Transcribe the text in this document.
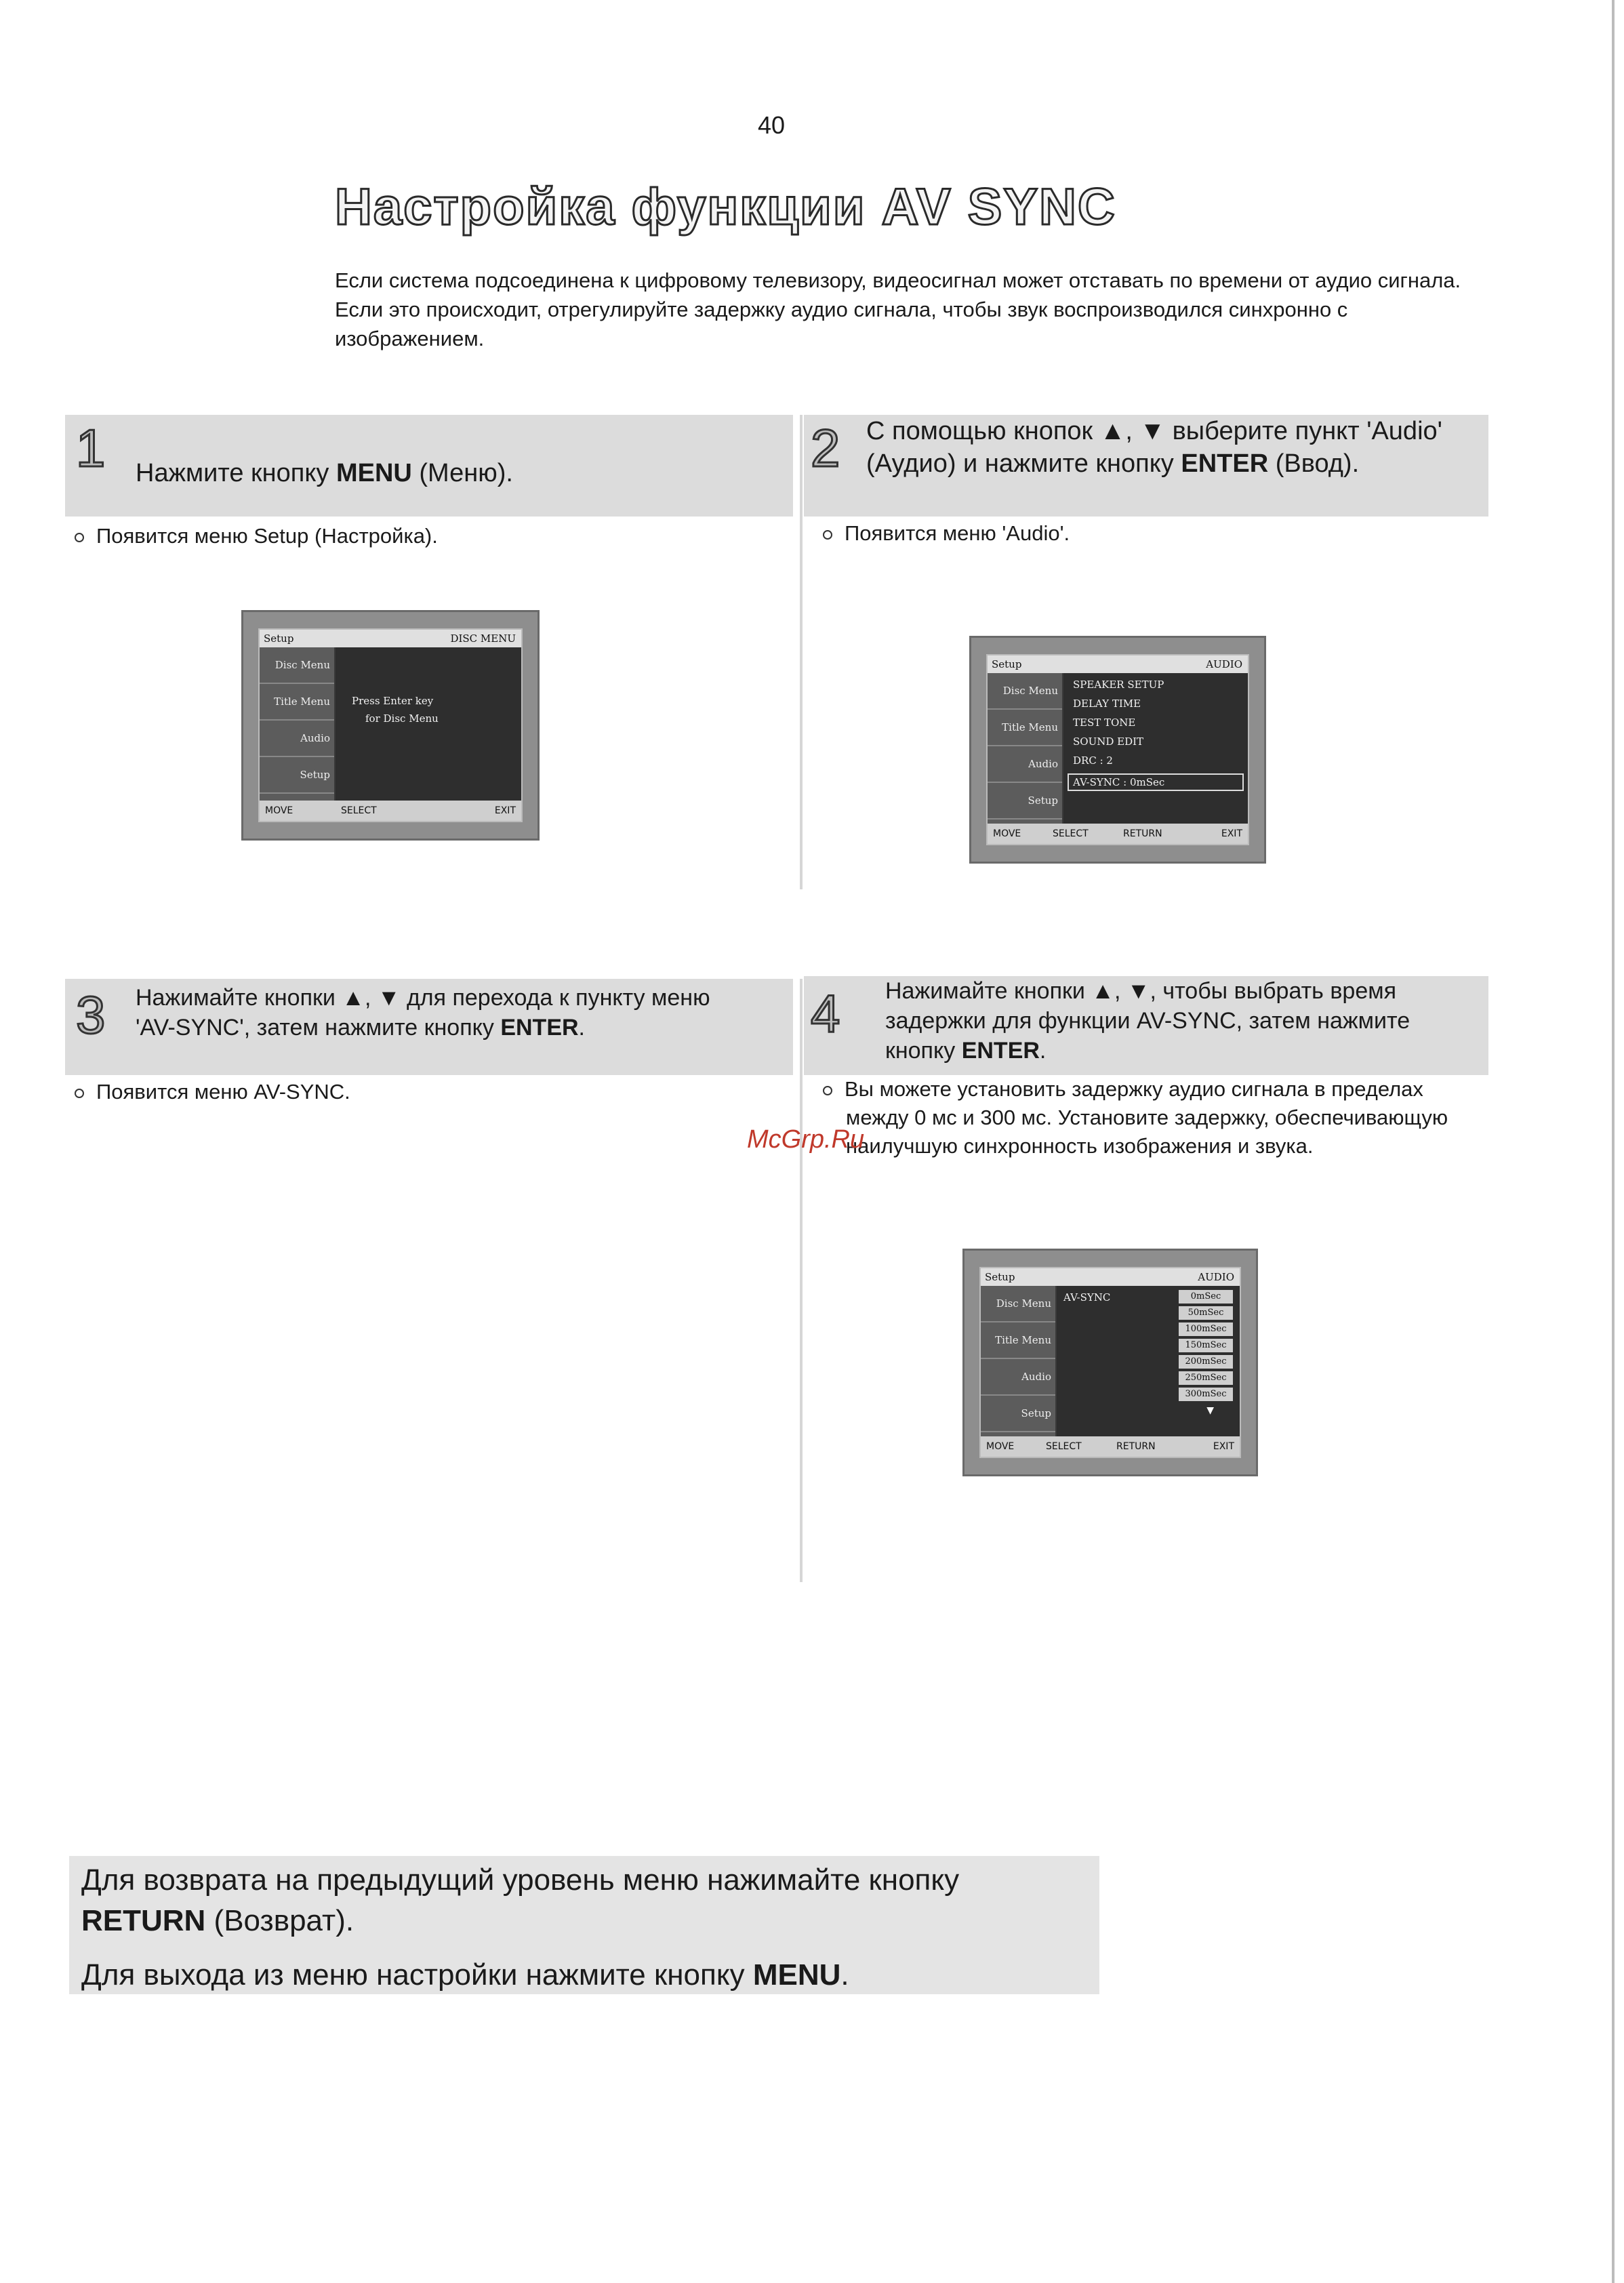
40
Настройка функции AV SYNC
Если система подсоединена к цифровому телевизору, видеосигнал может отставать по времени от аудио сигнала. Если это происходит, отрегулируйте задержку аудио сигнала, чтобы звук воспроизводился синхронно с изображением.
1 Нажмите кнопку MENU (Меню).
Появится меню Setup (Настройка).
Setup	DISC MENU
Disc Menu
Title Menu
Audio
Setup
Press Enter key
for Disc Menu
MOVE	SELECT	EXIT
2 С помощью кнопок ▲, ▼ выберите пункт 'Audio' (Аудио) и нажмите кнопку ENTER (Ввод).
Появится меню 'Audio'.
Setup	AUDIO
Disc Menu
Title Menu
Audio
Setup
SPEAKER SETUP
DELAY TIME
TEST TONE
SOUND EDIT
DRC : 2
AV-SYNC : 0mSec
MOVE	SELECT	RETURN	EXIT
3 Нажимайте кнопки ▲, ▼ для перехода к пункту меню 'AV-SYNC', затем нажмите кнопку ENTER.
Появится меню AV-SYNC.
4 Нажимайте кнопки ▲, ▼, чтобы выбрать время задержки для функции AV-SYNC, затем нажмите кнопку ENTER.
Вы можете установить задержку аудио сигнала в пределах между 0 мс и 300 мс. Установите задержку, обеспечивающую наилучшую синхронность изображения и звука.
Setup	AUDIO
Disc Menu
Title Menu
Audio
Setup
AV-SYNC	0mSec
50mSec
100mSec
150mSec
200mSec
250mSec
300mSec
▼
MOVE	SELECT	RETURN	EXIT
McGrp.Ru
Для возврата на предыдущий уровень меню нажимайте кнопку RETURN (Возврат).
Для выхода из меню настройки нажмите кнопку MENU.
